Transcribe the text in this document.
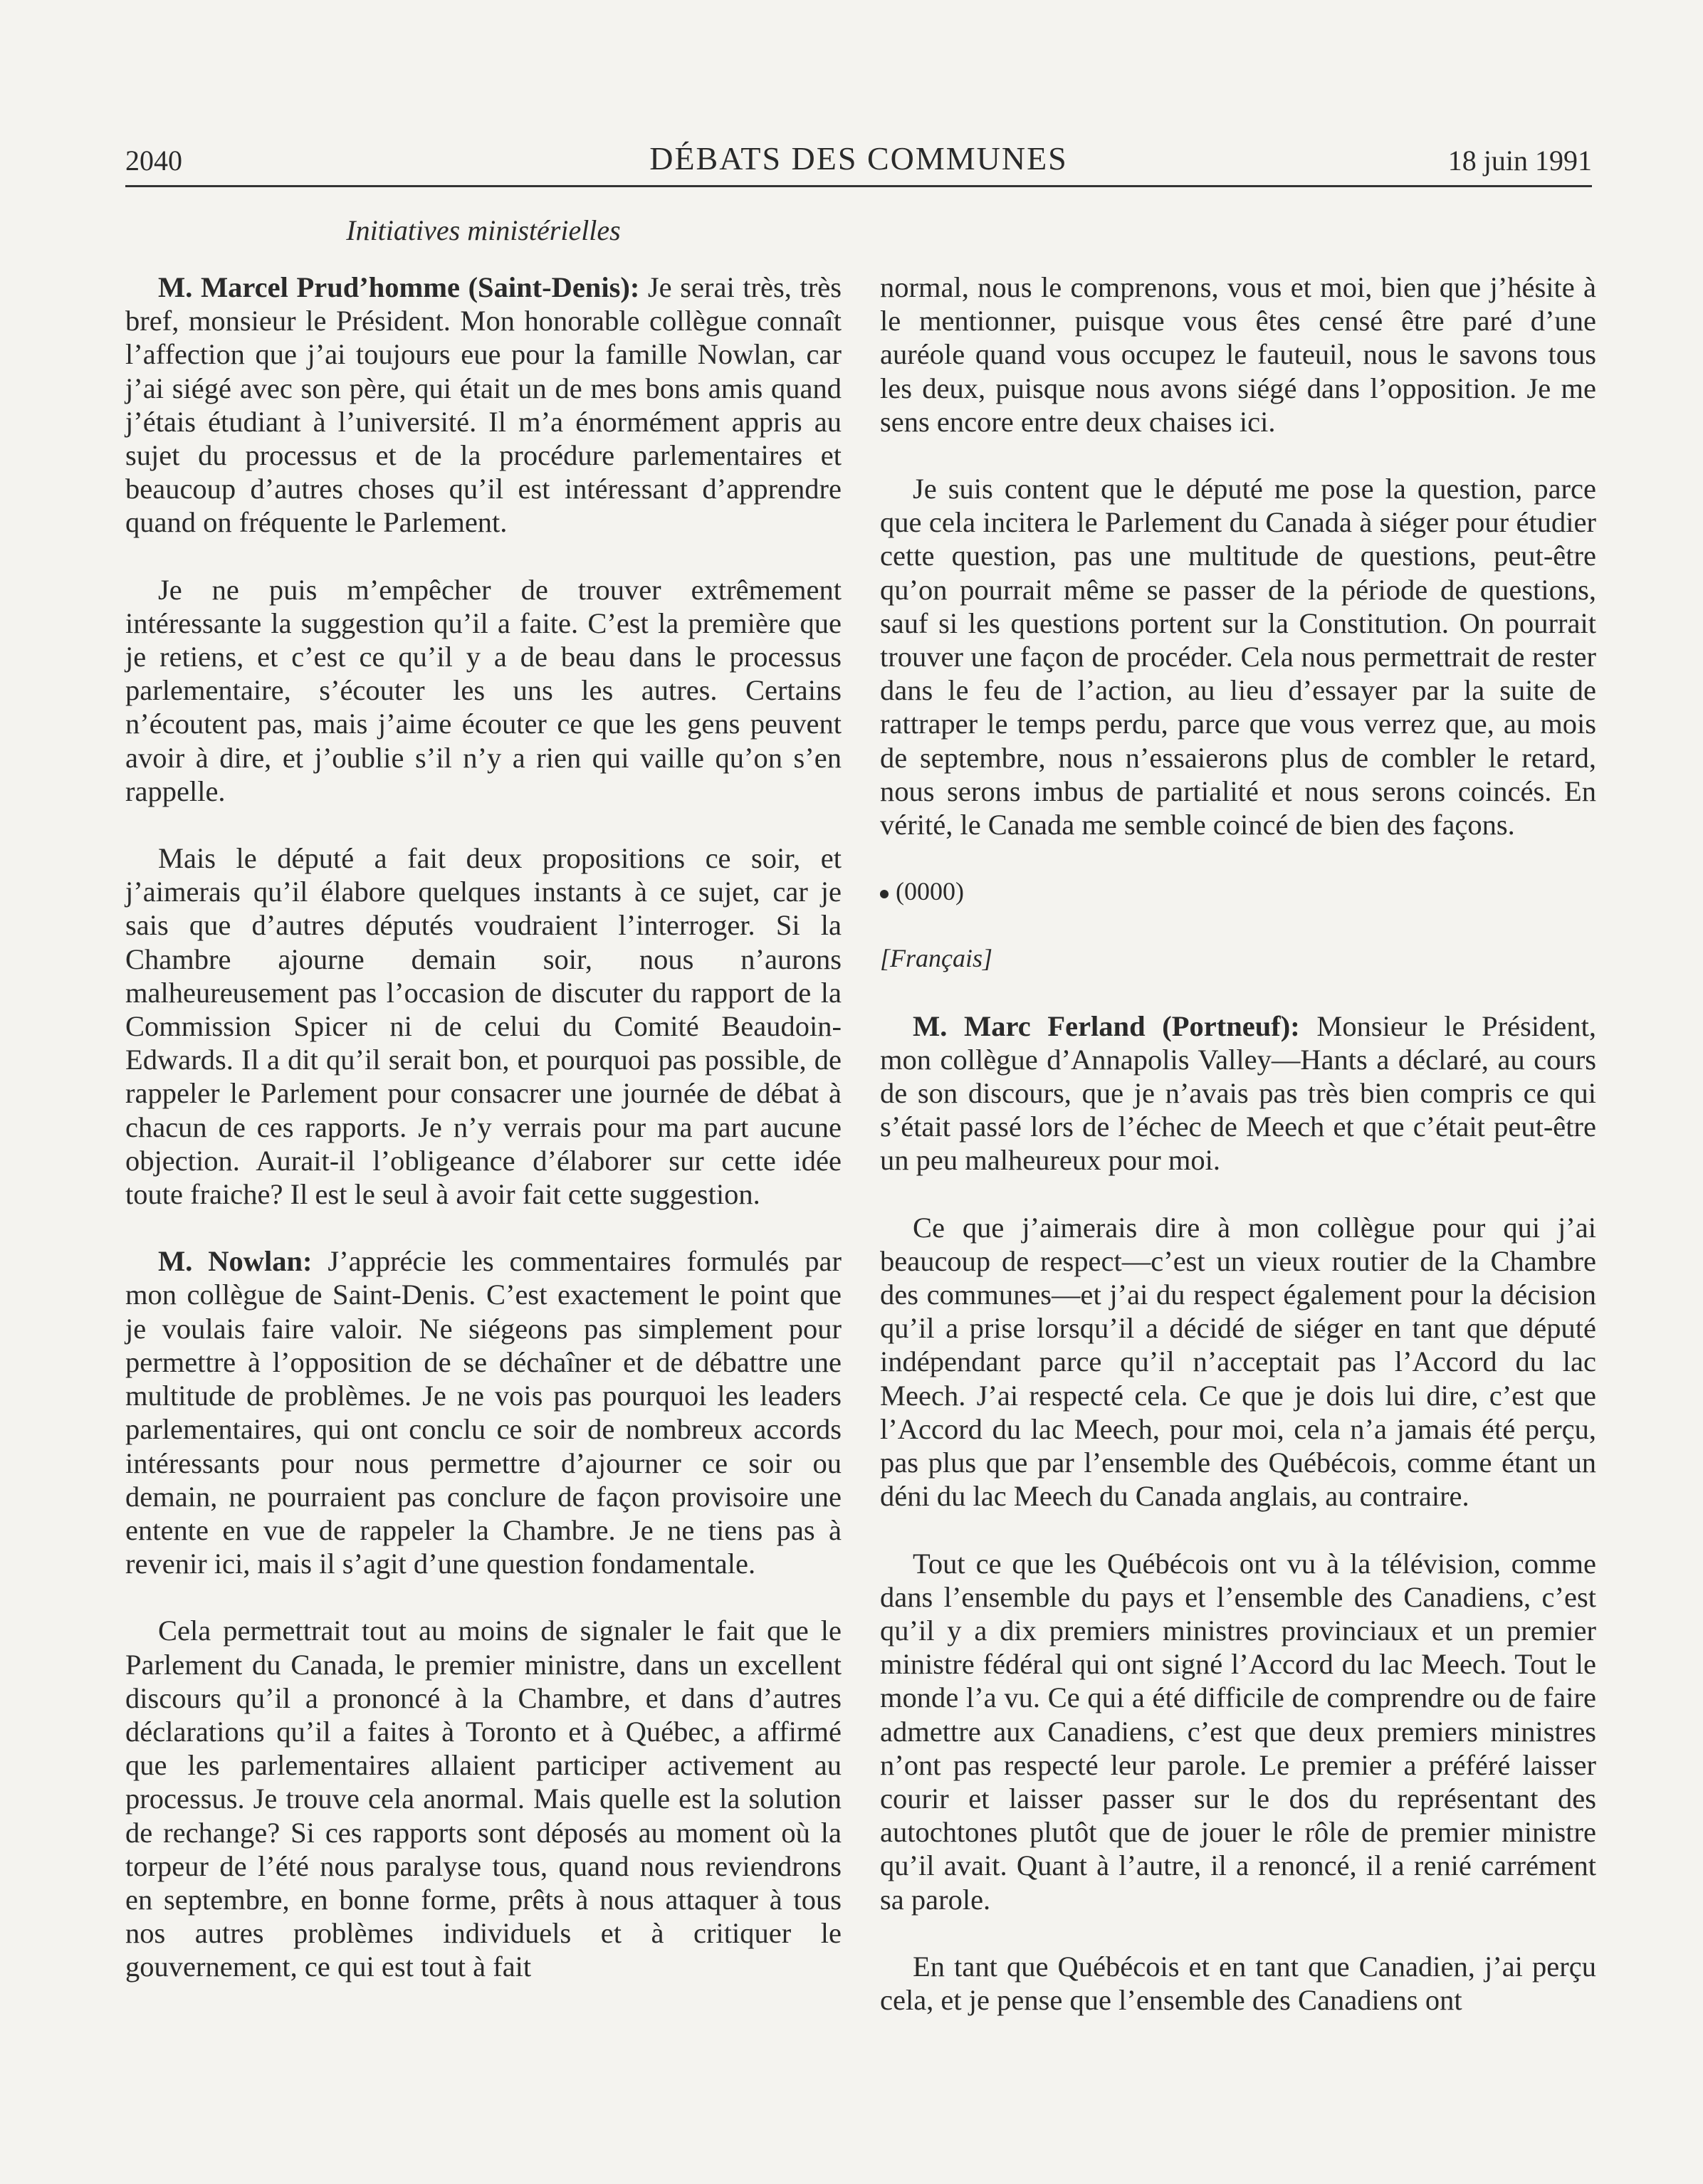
2040	DÉBATS DES COMMUNES	18 juin 1991
Initiatives ministérielles

M. Marcel Prud’homme (Saint-Denis): Je serai très, très bref, monsieur le Président. Mon honorable collègue connaît l’affection que j’ai toujours eue pour la famille Nowlan, car j’ai siégé avec son père, qui était un de mes bons amis quand j’étais étudiant à l’université. Il m’a énormément appris au sujet du processus et de la procédure parlementaires et beaucoup d’autres choses qu’il est intéressant d’apprendre quand on fréquente le Parlement.

Je ne puis m’empêcher de trouver extrêmement intéressante la suggestion qu’il a faite. C’est la première que je retiens, et c’est ce qu’il y a de beau dans le processus parlementaire, s’écouter les uns les autres. Certains n’écoutent pas, mais j’aime écouter ce que les gens peuvent avoir à dire, et j’oublie s’il n’y a rien qui vaille qu’on s’en rappelle.

Mais le député a fait deux propositions ce soir, et j’aimerais qu’il élabore quelques instants à ce sujet, car je sais que d’autres députés voudraient l’interroger. Si la Chambre ajourne demain soir, nous n’aurons malheureusement pas l’occasion de discuter du rapport de la Commission Spicer ni de celui du Comité Beaudoin-Edwards. Il a dit qu’il serait bon, et pourquoi pas possible, de rappeler le Parlement pour consacrer une journée de débat à chacun de ces rapports. Je n’y verrais pour ma part aucune objection. Aurait-il l’obligeance d’élaborer sur cette idée toute fraiche? Il est le seul à avoir fait cette suggestion.

M. Nowlan: J’apprécie les commentaires formulés par mon collègue de Saint-Denis. C’est exactement le point que je voulais faire valoir. Ne siégeons pas simplement pour permettre à l’opposition de se déchaîner et de débattre une multitude de problèmes. Je ne vois pas pourquoi les leaders parlementaires, qui ont conclu ce soir de nombreux accords intéressants pour nous permettre d’ajourner ce soir ou demain, ne pourraient pas conclure de façon provisoire une entente en vue de rappeler la Chambre. Je ne tiens pas à revenir ici, mais il s’agit d’une question fondamentale.

Cela permettrait tout au moins de signaler le fait que le Parlement du Canada, le premier ministre, dans un excellent discours qu’il a prononcé à la Chambre, et dans d’autres déclarations qu’il a faites à Toronto et à Québec, a affirmé que les parlementaires allaient participer activement au processus. Je trouve cela anormal. Mais quelle est la solution de rechange? Si ces rapports sont déposés au moment où la torpeur de l’été nous paralyse tous, quand nous reviendrons en septembre, en bonne forme, prêts à nous attaquer à tous nos autres problèmes individuels et à critiquer le gouvernement, ce qui est tout à fait

normal, nous le comprenons, vous et moi, bien que j’hésite à le mentionner, puisque vous êtes censé être paré d’une auréole quand vous occupez le fauteuil, nous le savons tous les deux, puisque nous avons siégé dans l’opposition. Je me sens encore entre deux chaises ici.

Je suis content que le député me pose la question, parce que cela incitera le Parlement du Canada à siéger pour étudier cette question, pas une multitude de questions, peut-être qu’on pourrait même se passer de la période de questions, sauf si les questions portent sur la Constitution. On pourrait trouver une façon de procéder. Cela nous permettrait de rester dans le feu de l’action, au lieu d’essayer par la suite de rattraper le temps perdu, parce que vous verrez que, au mois de septembre, nous n’essaierons plus de combler le retard, nous serons imbus de partialité et nous serons coincés. En vérité, le Canada me semble coincé de bien des façons.

(0000)

[Français]

M. Marc Ferland (Portneuf): Monsieur le Président, mon collègue d’Annapolis Valley—Hants a déclaré, au cours de son discours, que je n’avais pas très bien compris ce qui s’était passé lors de l’échec de Meech et que c’était peut-être un peu malheureux pour moi.

Ce que j’aimerais dire à mon collègue pour qui j’ai beaucoup de respect—c’est un vieux routier de la Chambre des communes—et j’ai du respect également pour la décision qu’il a prise lorsqu’il a décidé de siéger en tant que député indépendant parce qu’il n’acceptait pas l’Accord du lac Meech. J’ai respecté cela. Ce que je dois lui dire, c’est que l’Accord du lac Meech, pour moi, cela n’a jamais été perçu, pas plus que par l’ensemble des Québécois, comme étant un déni du lac Meech du Canada anglais, au contraire.

Tout ce que les Québécois ont vu à la télévision, comme dans l’ensemble du pays et l’ensemble des Canadiens, c’est qu’il y a dix premiers ministres provinciaux et un premier ministre fédéral qui ont signé l’Accord du lac Meech. Tout le monde l’a vu. Ce qui a été difficile de comprendre ou de faire admettre aux Canadiens, c’est que deux premiers ministres n’ont pas respecté leur parole. Le premier a préféré laisser courir et laisser passer sur le dos du représentant des autochtones plutôt que de jouer le rôle de premier ministre qu’il avait. Quant à l’autre, il a renoncé, il a renié carrément sa parole.

En tant que Québécois et en tant que Canadien, j’ai perçu cela, et je pense que l’ensemble des Canadiens ont
